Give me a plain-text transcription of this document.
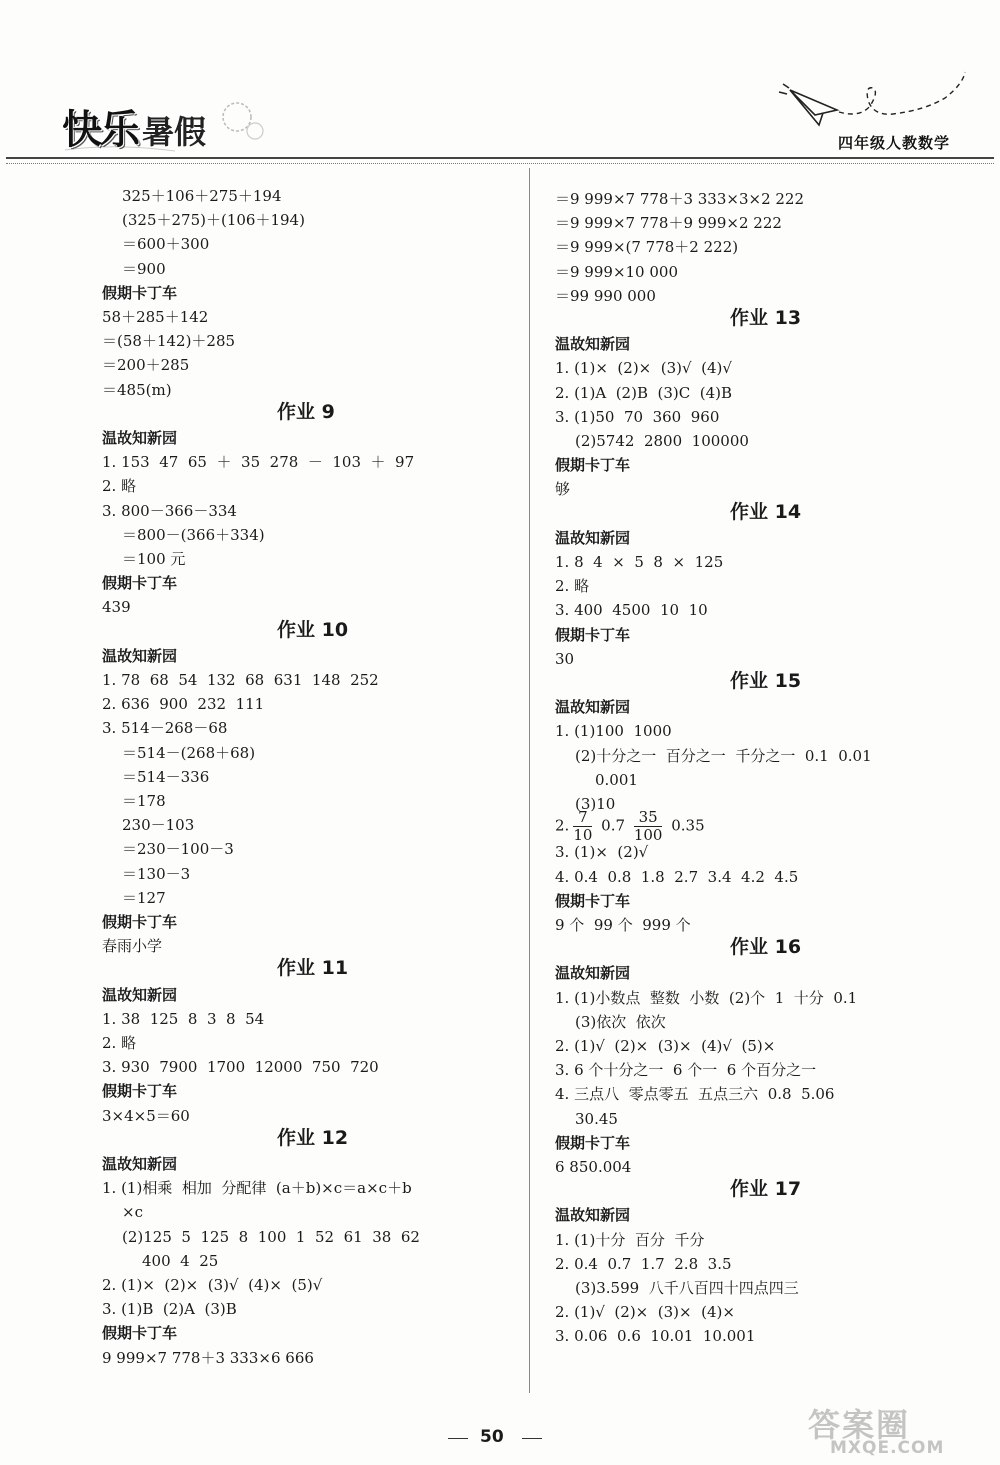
快乐 暑假	四年级人教数学
325＋106＋275＋194
(325＋275)＋(106＋194)
＝600＋300
＝900
假期卡丁车
58＋285＋142
＝(58＋142)＋285
＝200＋285
＝485(m)
作业 9
温故知新园
1. 153  47  65  ＋  35  278  －  103  ＋  97
2. 略
3. 800－366－334
＝800－(366＋334)
＝100 元
假期卡丁车
439
作业 10
温故知新园
1. 78  68  54  132  68  631  148  252
2. 636  900  232  111
3. 514－268－68
＝514－(268＋68)
＝514－336
＝178
230－103
＝230－100－3
＝130－3
＝127
假期卡丁车
春雨小学
作业 11
温故知新园
1. 38  125  8  3  8  54
2. 略
3. 930  7900  1700  12000  750  720
假期卡丁车
3×4×5＝60
作业 12
温故知新园
1. (1)相乘  相加  分配律  (a＋b)×c＝a×c＋b
×c
(2)125  5  125  8  100  1  52  61  38  62
400  4  25
2. (1)×  (2)×  (3)√  (4)×  (5)√
3. (1)B  (2)A  (3)B
假期卡丁车
9 999×7 778＋3 333×6 666
＝9 999×7 778＋3 333×3×2 222
＝9 999×7 778＋9 999×2 222
＝9 999×(7 778＋2 222)
＝9 999×10 000
＝99 990 000
作业 13
温故知新园
1. (1)×  (2)×  (3)√  (4)√
2. (1)A  (2)B  (3)C  (4)B
3. (1)50  70  360  960
(2)5742  2800  100000
假期卡丁车
够
作业 14
温故知新园
1. 8  4  ×  5  8  ×  125
2. 略
3. 400  4500  10  10
假期卡丁车
30
作业 15
温故知新园
1. (1)100  1000
(2)十分之一  百分之一  千分之一  0.1  0.01
0.001
(3)10
2. $\frac{7}{10} 0.7 \frac{35}{100} 0.35$
3. (1)×  (2)√
4. 0.4  0.8  1.8  2.7  3.4  4.2  4.5
假期卡丁车
9 个  99 个  999 个
作业 16
温故知新园
1. (1)小数点  整数  小数  (2)个  1  十分  0.1
(3)依次  依次
2. (1)√  (2)×  (3)×  (4)√  (5)×
3. 6 个十分之一  6 个一  6 个百分之一
4. 三点八  零点零五  五点三六  0.8  5.06
30.45
假期卡丁车
6 850.004
作业 17
温故知新园
1. (1)十分  百分  千分
2. 0.4  0.7  1.7  2.8  3.5
(3)3.599  八千八百四十四点四三
2. (1)√  (2)×  (3)×  (4)×
3. 0.06  0.6  10.01  10.001
50	答案圈
MXQE.COM
